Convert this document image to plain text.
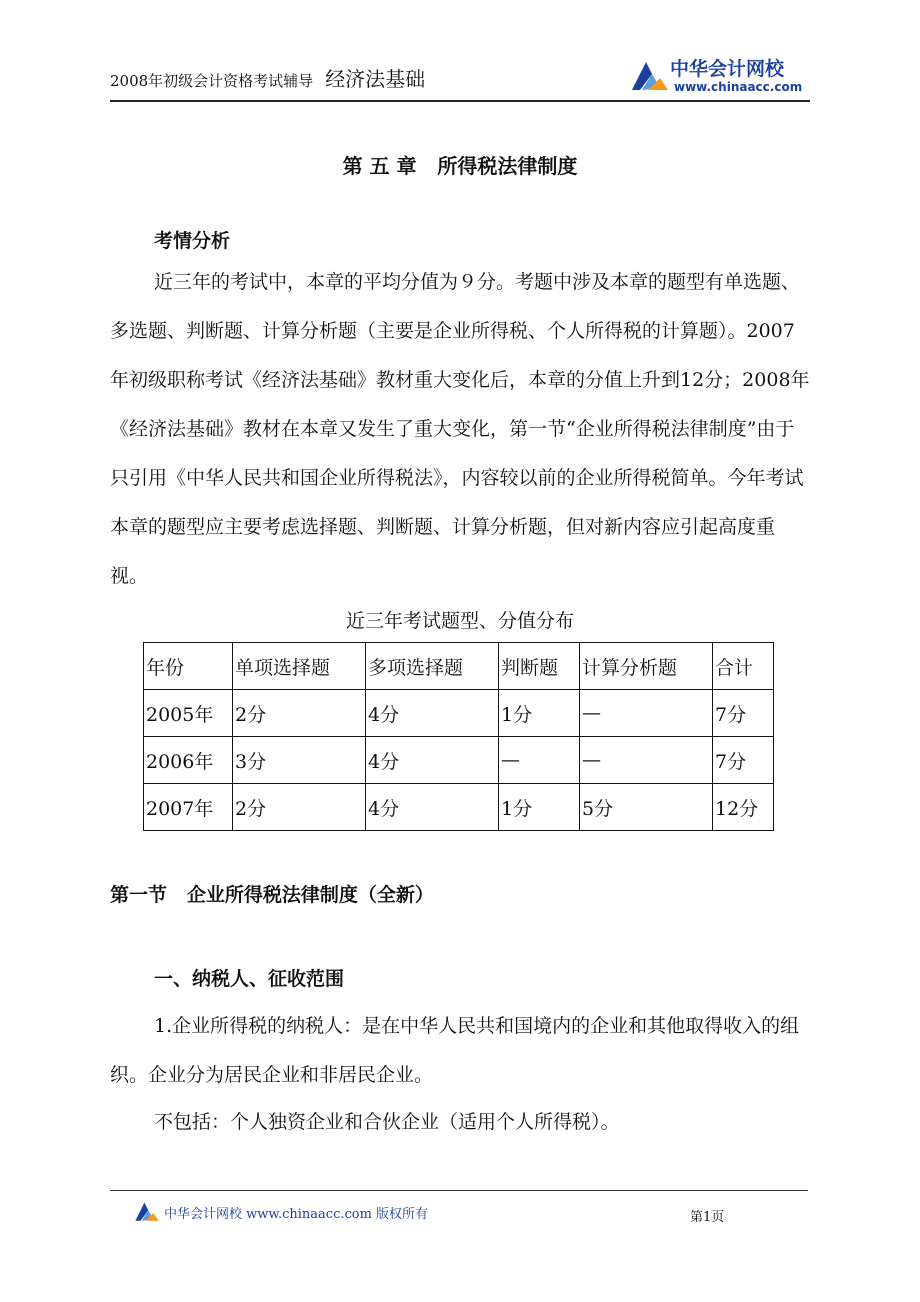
2008年初级会计资格考试辅导 经济法基础	中华会计网校
www.chinaacc.com
第 五 章   所得税法律制度
考情分析
近三年的考试中，本章的平均分值为９分。考题中涉及本章的题型有单选题、多选题、判断题、计算分析题（主要是企业所得税、个人所得税的计算题）。2007年初级职称考试《经济法基础》教材重大变化后，本章的分值上升到12分；2008年《经济法基础》教材在本章又发生了重大变化，第一节“企业所得税法律制度”由于只引用《中华人民共和国企业所得税法》，内容较以前的企业所得税简单。今年考试本章的题型应主要考虑选择题、判断题、计算分析题，但对新内容应引起高度重视。
近三年考试题型、分值分布
年份	单项选择题	多项选择题	判断题	计算分析题	合计
2005年	2分	4分	1分	—	7分
2006年	3分	4分	—	—	7分
2007年	2分	4分	1分	5分	12分
第一节   企业所得税法律制度（全新）
一、纳税人、征收范围
1.企业所得税的纳税人：是在中华人民共和国境内的企业和其他取得收入的组织。企业分为居民企业和非居民企业。
不包括：个人独资企业和合伙企业（适用个人所得税）。
中华会计网校 www.chinaacc.com 版权所有	第1页
